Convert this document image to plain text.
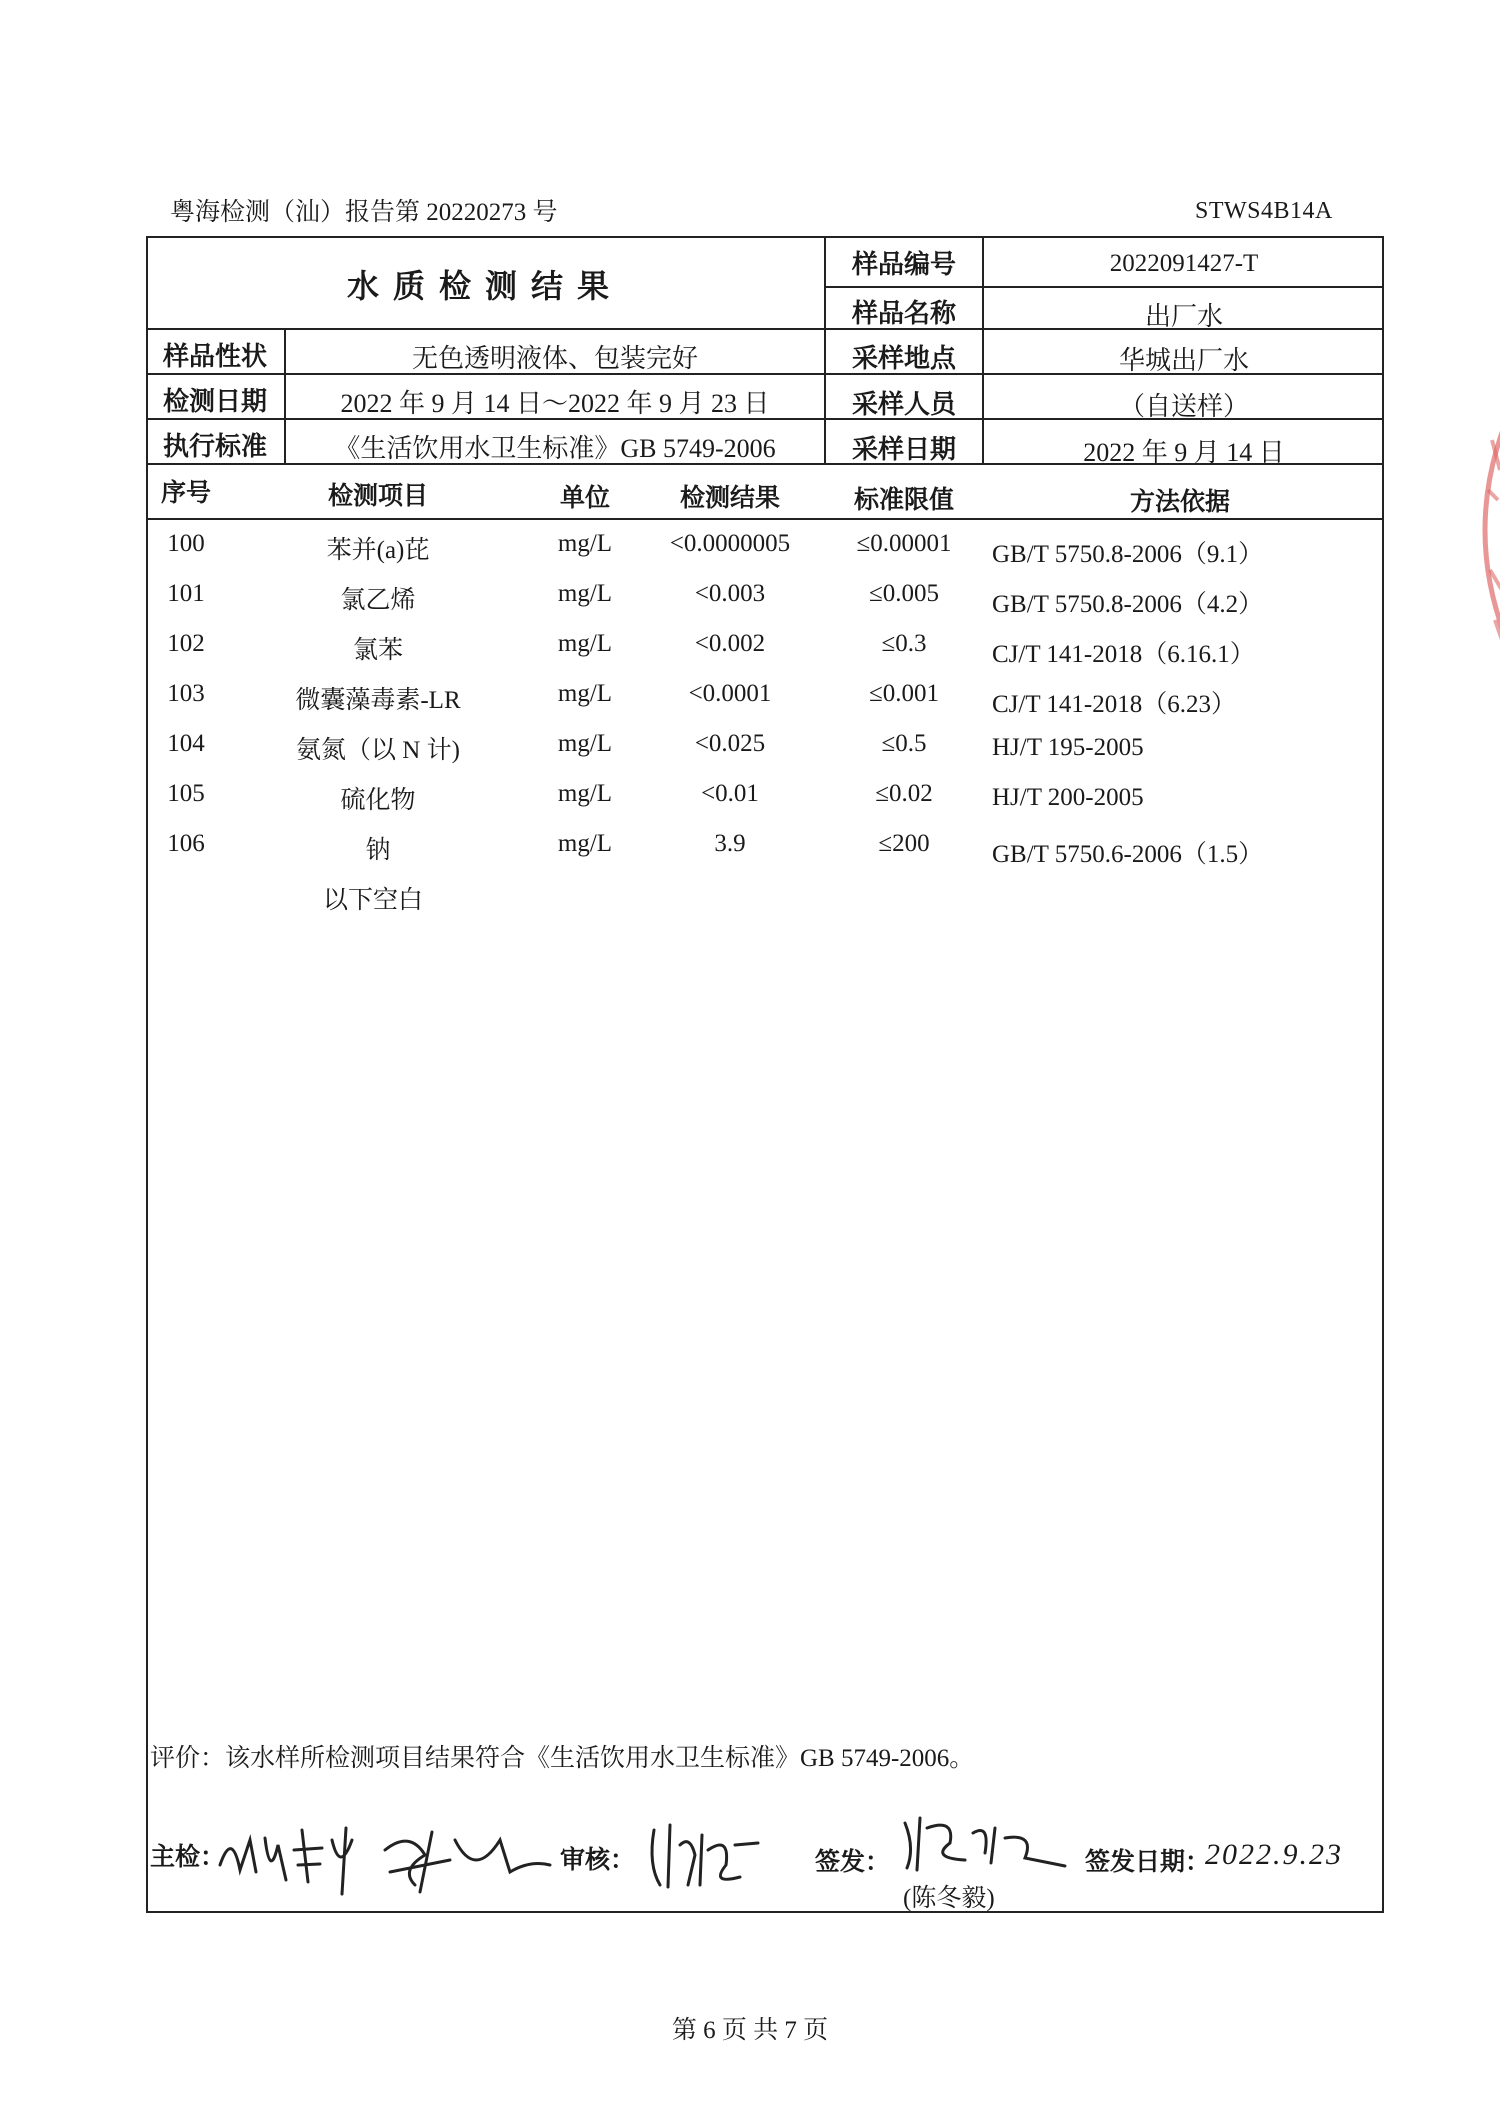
粤海检测（汕）报告第 20220273 号	STWS4B14A
水质检测结果
样品编号	2022091427-T
样品名称	出厂水
样品性状	无色透明液体、包装完好	采样地点	华城出厂水
检测日期	2022 年 9 月 14 日～2022 年 9 月 23 日	采样人员	（自送样）
执行标准	《生活饮用水卫生标准》GB 5749-2006	采样日期	2022 年 9 月 14 日
序号	检测项目	单位	检测结果	标准限值	方法依据
100	苯并(a)芘	mg/L	<0.0000005	≤0.00001	GB/T 5750.8-2006（9.1）
101	氯乙烯	mg/L	<0.003	≤0.005	GB/T 5750.8-2006（4.2）
102	氯苯	mg/L	<0.002	≤0.3	CJ/T 141-2018（6.16.1）
103	微囊藻毒素-LR	mg/L	<0.0001	≤0.001	CJ/T 141-2018（6.23）
104	氨氮（以 N 计)	mg/L	<0.025	≤0.5	HJ/T 195-2005
105	硫化物	mg/L	<0.01	≤0.02	HJ/T 200-2005
106	钠	mg/L	3.9	≤200	GB/T 5750.6-2006（1.5）
以下空白
评价：该水样所检测项目结果符合《生活饮用水卫生标准》GB 5749-2006。
主检：	审核：	签发：
(陈冬毅)
签发日期：
2022.9.23
第 6 页 共 7 页
